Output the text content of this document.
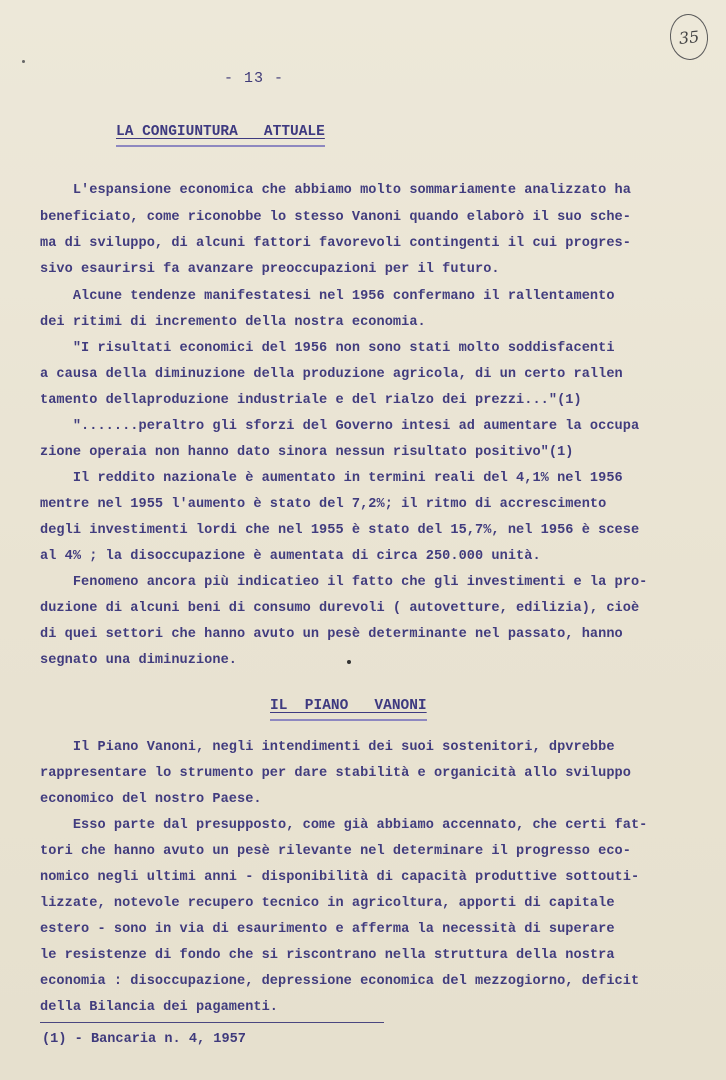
35
- 13 -
LA CONGIUNTURA   ATTUALE
L'espansione economica che abbiamo molto sommariamente analizzato ha
beneficiato, come riconobbe lo stesso Vanoni quando elaborò il suo sche-
ma di sviluppo, di alcuni fattori favorevoli contingenti il cui progres-
sivo esaurirsi fa avanzare preoccupazioni per il futuro.
Alcune tendenze manifestatesi nel 1956 confermano il rallentamento
dei ritimi di incremento della nostra economia.
"I risultati economici del 1956 non sono stati molto soddisfacenti
a causa della diminuzione della produzione agricola, di un certo rallen
tamento dellaproduzione industriale e del rialzo dei prezzi..."(1)
".......peraltro gli sforzi del Governo intesi ad aumentare la occupa
zione operaia non hanno dato sinora nessun risultato positivo"(1)
Il reddito nazionale è aumentato in termini reali del 4,1% nel 1956
mentre nel 1955 l'aumento è stato del 7,2%; il ritmo di accrescimento
degli investimenti lordi che nel 1955 è stato del 15,7%, nel 1956 è scese
al 4% ; la disoccupazione è aumentata di circa 250.000 unità.
Fenomeno ancora più indicatieo il fatto che gli investimenti e la pro-
duzione di alcuni beni di consumo durevoli ( autovetture, edilizia), cioè
di quei settori che hanno avuto un pesè determinante nel passato, hanno
segnato una diminuzione.
IL  PIANO   VANONI
Il Piano Vanoni, negli intendimenti dei suoi sostenitori, dpvrebbe
rappresentare lo strumento per dare stabilità e organicità allo sviluppo
economico del nostro Paese.
Esso parte dal presupposto, come già abbiamo accennato, che certi fat-
tori che hanno avuto un pesè rilevante nel determinare il progresso eco-
nomico negli ultimi anni - disponibilità di capacità produttive sottouti-
lizzate, notevole recupero tecnico in agricoltura, apporti di capitale
estero - sono in via di esaurimento e afferma la necessità di superare
le resistenze di fondo che si riscontrano nella struttura della nostra
economia : disoccupazione, depressione economica del mezzogiorno, deficit
della Bilancia dei pagamenti.
(1) - Bancaria n. 4, 1957
